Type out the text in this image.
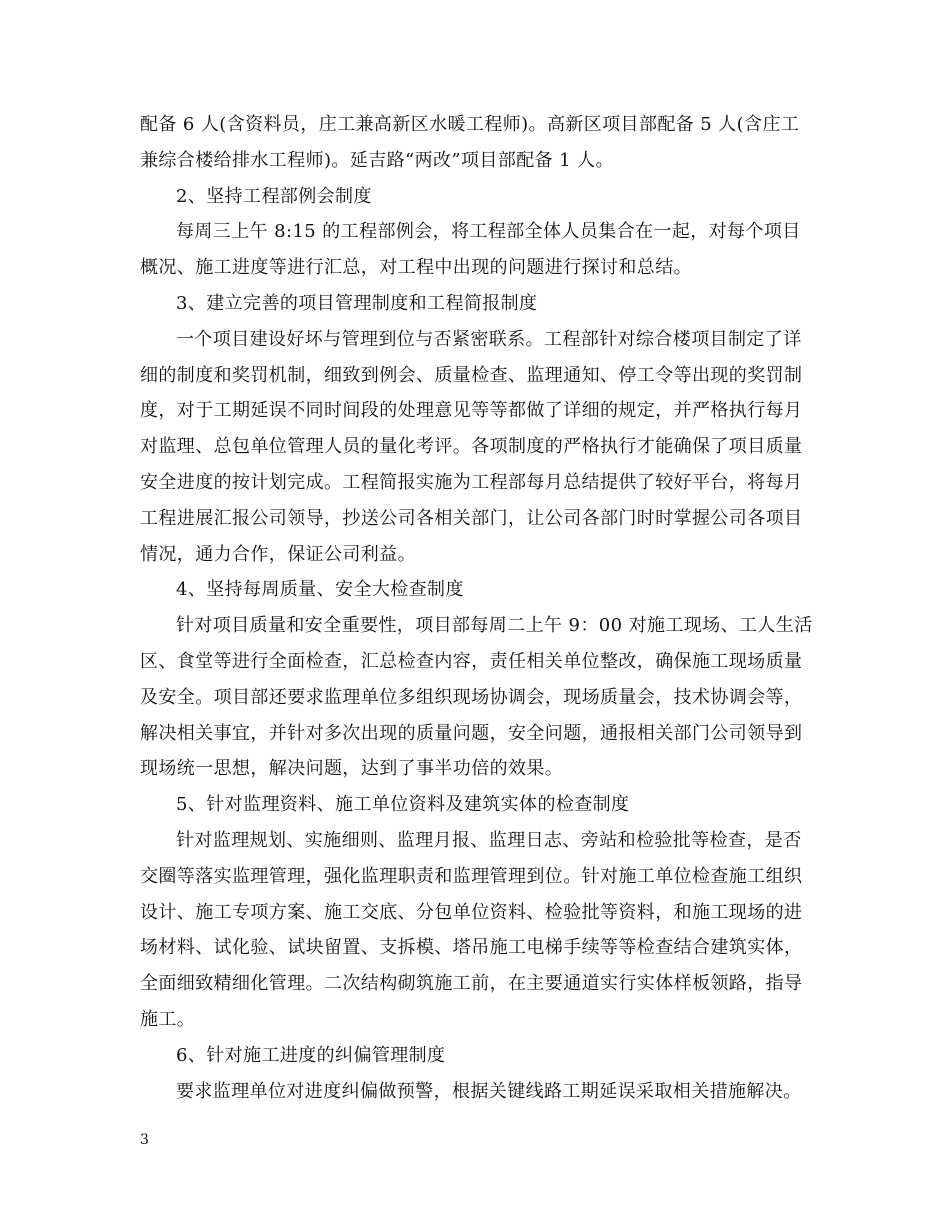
配备 6 人(含资料员，庄工兼高新区水暖工程师)。高新区项目部配备 5 人(含庄工
兼综合楼给排水工程师)。延吉路“两改”项目部配备 1 人。
2、坚持工程部例会制度
每周三上午 8:15 的工程部例会，将工程部全体人员集合在一起，对每个项目
概况、施工进度等进行汇总，对工程中出现的问题进行探讨和总结。
3、建立完善的项目管理制度和工程简报制度
一个项目建设好坏与管理到位与否紧密联系。工程部针对综合楼项目制定了详
细的制度和奖罚机制，细致到例会、质量检查、监理通知、停工令等出现的奖罚制
度，对于工期延误不同时间段的处理意见等等都做了详细的规定，并严格执行每月
对监理、总包单位管理人员的量化考评。各项制度的严格执行才能确保了项目质量
安全进度的按计划完成。工程简报实施为工程部每月总结提供了较好平台，将每月
工程进展汇报公司领导，抄送公司各相关部门，让公司各部门时时掌握公司各项目
情况，通力合作，保证公司利益。
4、坚持每周质量、安全大检查制度
针对项目质量和安全重要性，项目部每周二上午 9：00 对施工现场、工人生活
区、食堂等进行全面检查，汇总检查内容，责任相关单位整改，确保施工现场质量
及安全。项目部还要求监理单位多组织现场协调会，现场质量会，技术协调会等，
解决相关事宜，并针对多次出现的质量问题，安全问题，通报相关部门公司领导到
现场统一思想，解决问题，达到了事半功倍的效果。
5、针对监理资料、施工单位资料及建筑实体的检查制度
针对监理规划、实施细则、监理月报、监理日志、旁站和检验批等检查，是否
交圈等落实监理管理，强化监理职责和监理管理到位。针对施工单位检查施工组织
设计、施工专项方案、施工交底、分包单位资料、检验批等资料，和施工现场的进
场材料、试化验、试块留置、支拆模、塔吊施工电梯手续等等检查结合建筑实体，
全面细致精细化管理。二次结构砌筑施工前，在主要通道实行实体样板领路，指导
施工。
6、针对施工进度的纠偏管理制度
要求监理单位对进度纠偏做预警，根据关键线路工期延误采取相关措施解决。
3
